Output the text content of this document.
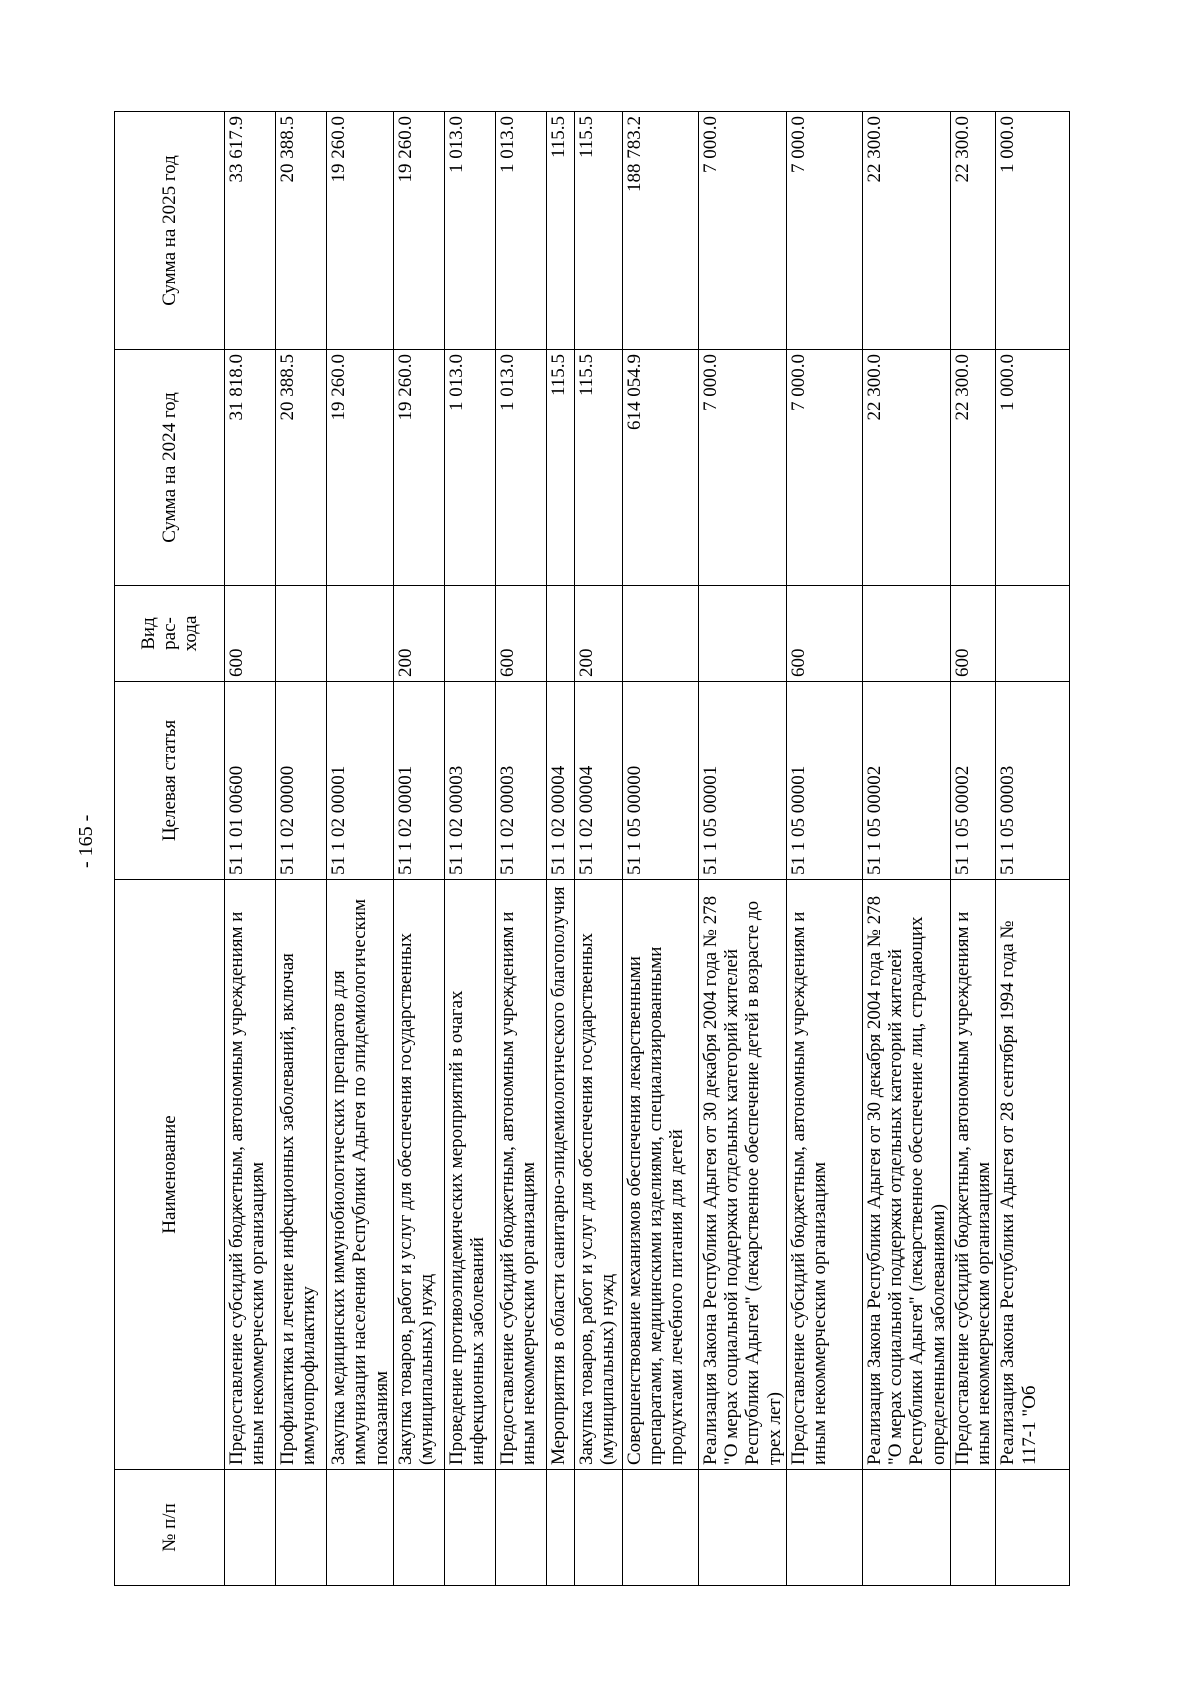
- 165 -
№ п/п	Наименование	Целевая статья	Вид рас- хода	Сумма на 2024 год	Сумма на 2025 год
	Предоставление субсидий бюджетным, автономным учреждениям и иным некоммерческим организациям	51 1 01 00600	600	31 818.0	33 617.9
	Профилактика и лечение инфекционных заболеваний, включая иммунопрофилактику	51 1 02 00000		20 388.5	20 388.5
	Закупка медицинских иммунобиологических препаратов для иммунизации населения Республики Адыгея по эпидемиологическим показаниям	51 1 02 00001		19 260.0	19 260.0
	Закупка товаров, работ и услуг для обеспечения государственных (муниципальных) нужд	51 1 02 00001	200	19 260.0	19 260.0
	Проведение противоэпидемических мероприятий в очагах инфекционных заболеваний	51 1 02 00003		1 013.0	1 013.0
	Предоставление субсидий бюджетным, автономным учреждениям и иным некоммерческим организациям	51 1 02 00003	600	1 013.0	1 013.0
	Мероприятия в области санитарно-эпидемиологического благополучия	51 1 02 00004		115.5	115.5
	Закупка товаров, работ и услуг для обеспечения государственных (муниципальных) нужд	51 1 02 00004	200	115.5	115.5
	Совершенствование механизмов обеспечения лекарственными препаратами, медицинскими изделиями, специализированными продуктами лечебного питания для детей	51 1 05 00000		614 054.9	188 783.2
	Реализация Закона Республики Адыгея от 30 декабря 2004 года № 278 "О мерах социальной поддержки отдельных категорий жителей Республики Адыгея" (лекарственное обеспечение детей в возрасте до трех лет)	51 1 05 00001		7 000.0	7 000.0
	Предоставление субсидий бюджетным, автономным учреждениям и иным некоммерческим организациям	51 1 05 00001	600	7 000.0	7 000.0
	Реализация Закона Республики Адыгея от 30 декабря 2004 года № 278 "О мерах социальной поддержки отдельных категорий жителей Республики Адыгея" (лекарственное обеспечение лиц, страдающих определенными заболеваниями)	51 1 05 00002		22 300.0	22 300.0
	Предоставление субсидий бюджетным, автономным учреждениям и иным некоммерческим организациям	51 1 05 00002	600	22 300.0	22 300.0
	Реализация Закона Республики Адыгея от 28 сентября 1994 года № 117-1 "Об	51 1 05 00003		1 000.0	1 000.0
